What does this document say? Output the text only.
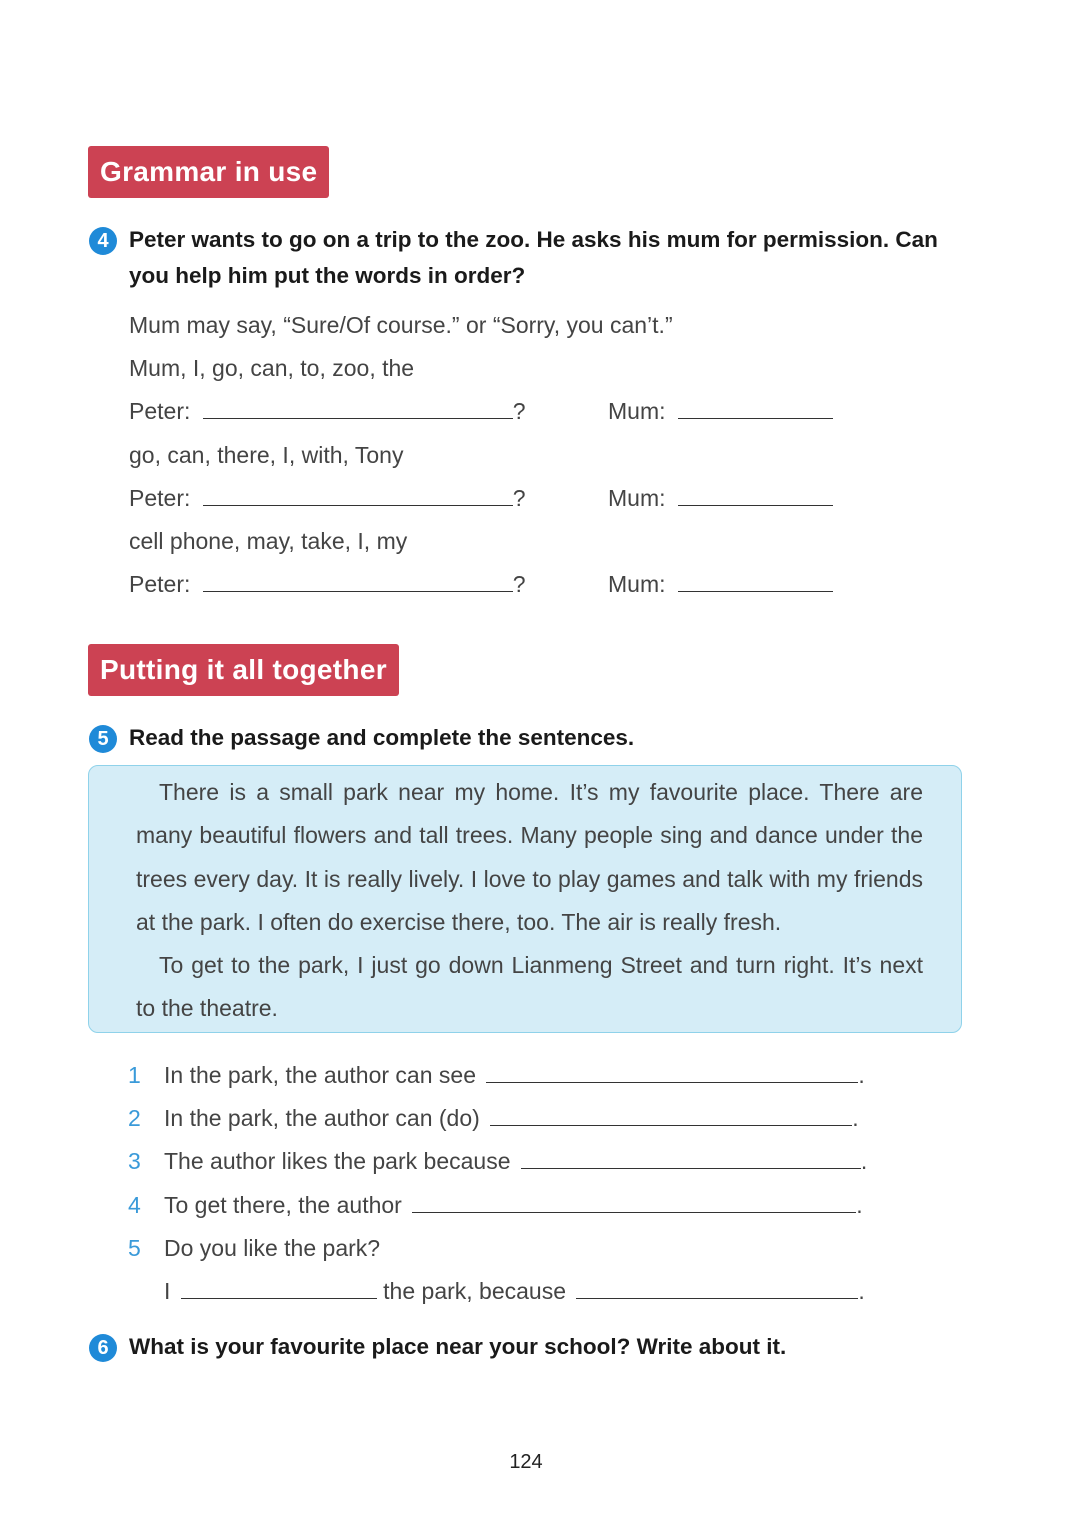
Grammar in use
4 Peter wants to go on a trip to the zoo. He asks his mum for permission. Can you help him put the words in order?
Mum may say, “Sure/Of course.” or “Sorry, you can’t.”
Mum, I, go, can, to, zoo, the
Peter:	?	Mum:
go, can, there, I, with, Tony
Peter:	?	Mum:
cell phone, may, take, I, my
Peter:	?	Mum:
Putting it all together
5 Read the passage and complete the sentences.
There is a small park near my home. It’s my favourite place. There are many beautiful flowers and tall trees. Many people sing and dance under the trees every day. It is really lively. I love to play games and talk with my friends at the park. I often do exercise there, too. The air is really fresh.
To get to the park, I just go down Lianmeng Street and turn right. It’s next to the theatre.
1	In the park, the author can see	.
2	In the park, the author can (do)	.
3	The author likes the park because	.
4	To get there, the author	.
5	Do you like the park?
I	the park, because	.
6 What is your favourite place near your school? Write about it.
124
